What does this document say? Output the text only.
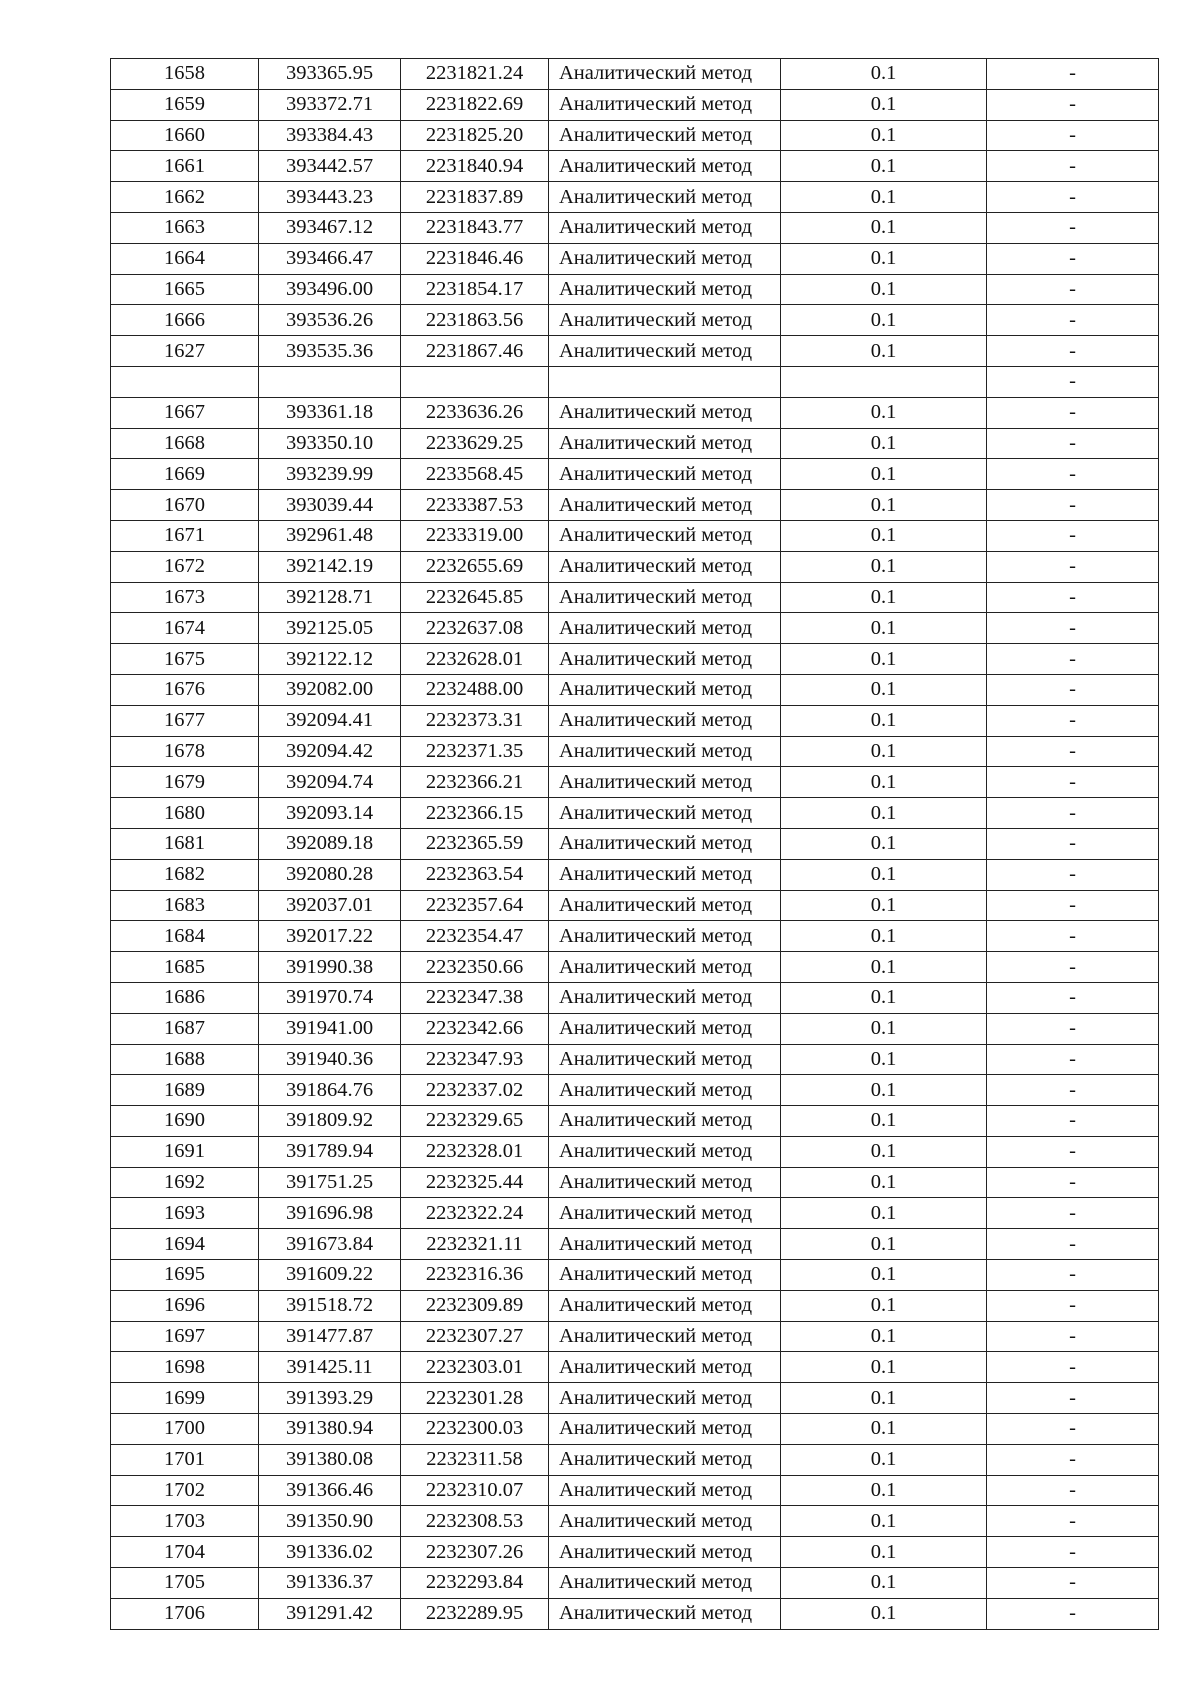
1658	393365.95	2231821.24	Аналитический метод	0.1	-
1659	393372.71	2231822.69	Аналитический метод	0.1	-
1660	393384.43	2231825.20	Аналитический метод	0.1	-
1661	393442.57	2231840.94	Аналитический метод	0.1	-
1662	393443.23	2231837.89	Аналитический метод	0.1	-
1663	393467.12	2231843.77	Аналитический метод	0.1	-
1664	393466.47	2231846.46	Аналитический метод	0.1	-
1665	393496.00	2231854.17	Аналитический метод	0.1	-
1666	393536.26	2231863.56	Аналитический метод	0.1	-
1627	393535.36	2231867.46	Аналитический метод	0.1	-
					-
1667	393361.18	2233636.26	Аналитический метод	0.1	-
1668	393350.10	2233629.25	Аналитический метод	0.1	-
1669	393239.99	2233568.45	Аналитический метод	0.1	-
1670	393039.44	2233387.53	Аналитический метод	0.1	-
1671	392961.48	2233319.00	Аналитический метод	0.1	-
1672	392142.19	2232655.69	Аналитический метод	0.1	-
1673	392128.71	2232645.85	Аналитический метод	0.1	-
1674	392125.05	2232637.08	Аналитический метод	0.1	-
1675	392122.12	2232628.01	Аналитический метод	0.1	-
1676	392082.00	2232488.00	Аналитический метод	0.1	-
1677	392094.41	2232373.31	Аналитический метод	0.1	-
1678	392094.42	2232371.35	Аналитический метод	0.1	-
1679	392094.74	2232366.21	Аналитический метод	0.1	-
1680	392093.14	2232366.15	Аналитический метод	0.1	-
1681	392089.18	2232365.59	Аналитический метод	0.1	-
1682	392080.28	2232363.54	Аналитический метод	0.1	-
1683	392037.01	2232357.64	Аналитический метод	0.1	-
1684	392017.22	2232354.47	Аналитический метод	0.1	-
1685	391990.38	2232350.66	Аналитический метод	0.1	-
1686	391970.74	2232347.38	Аналитический метод	0.1	-
1687	391941.00	2232342.66	Аналитический метод	0.1	-
1688	391940.36	2232347.93	Аналитический метод	0.1	-
1689	391864.76	2232337.02	Аналитический метод	0.1	-
1690	391809.92	2232329.65	Аналитический метод	0.1	-
1691	391789.94	2232328.01	Аналитический метод	0.1	-
1692	391751.25	2232325.44	Аналитический метод	0.1	-
1693	391696.98	2232322.24	Аналитический метод	0.1	-
1694	391673.84	2232321.11	Аналитический метод	0.1	-
1695	391609.22	2232316.36	Аналитический метод	0.1	-
1696	391518.72	2232309.89	Аналитический метод	0.1	-
1697	391477.87	2232307.27	Аналитический метод	0.1	-
1698	391425.11	2232303.01	Аналитический метод	0.1	-
1699	391393.29	2232301.28	Аналитический метод	0.1	-
1700	391380.94	2232300.03	Аналитический метод	0.1	-
1701	391380.08	2232311.58	Аналитический метод	0.1	-
1702	391366.46	2232310.07	Аналитический метод	0.1	-
1703	391350.90	2232308.53	Аналитический метод	0.1	-
1704	391336.02	2232307.26	Аналитический метод	0.1	-
1705	391336.37	2232293.84	Аналитический метод	0.1	-
1706	391291.42	2232289.95	Аналитический метод	0.1	-
